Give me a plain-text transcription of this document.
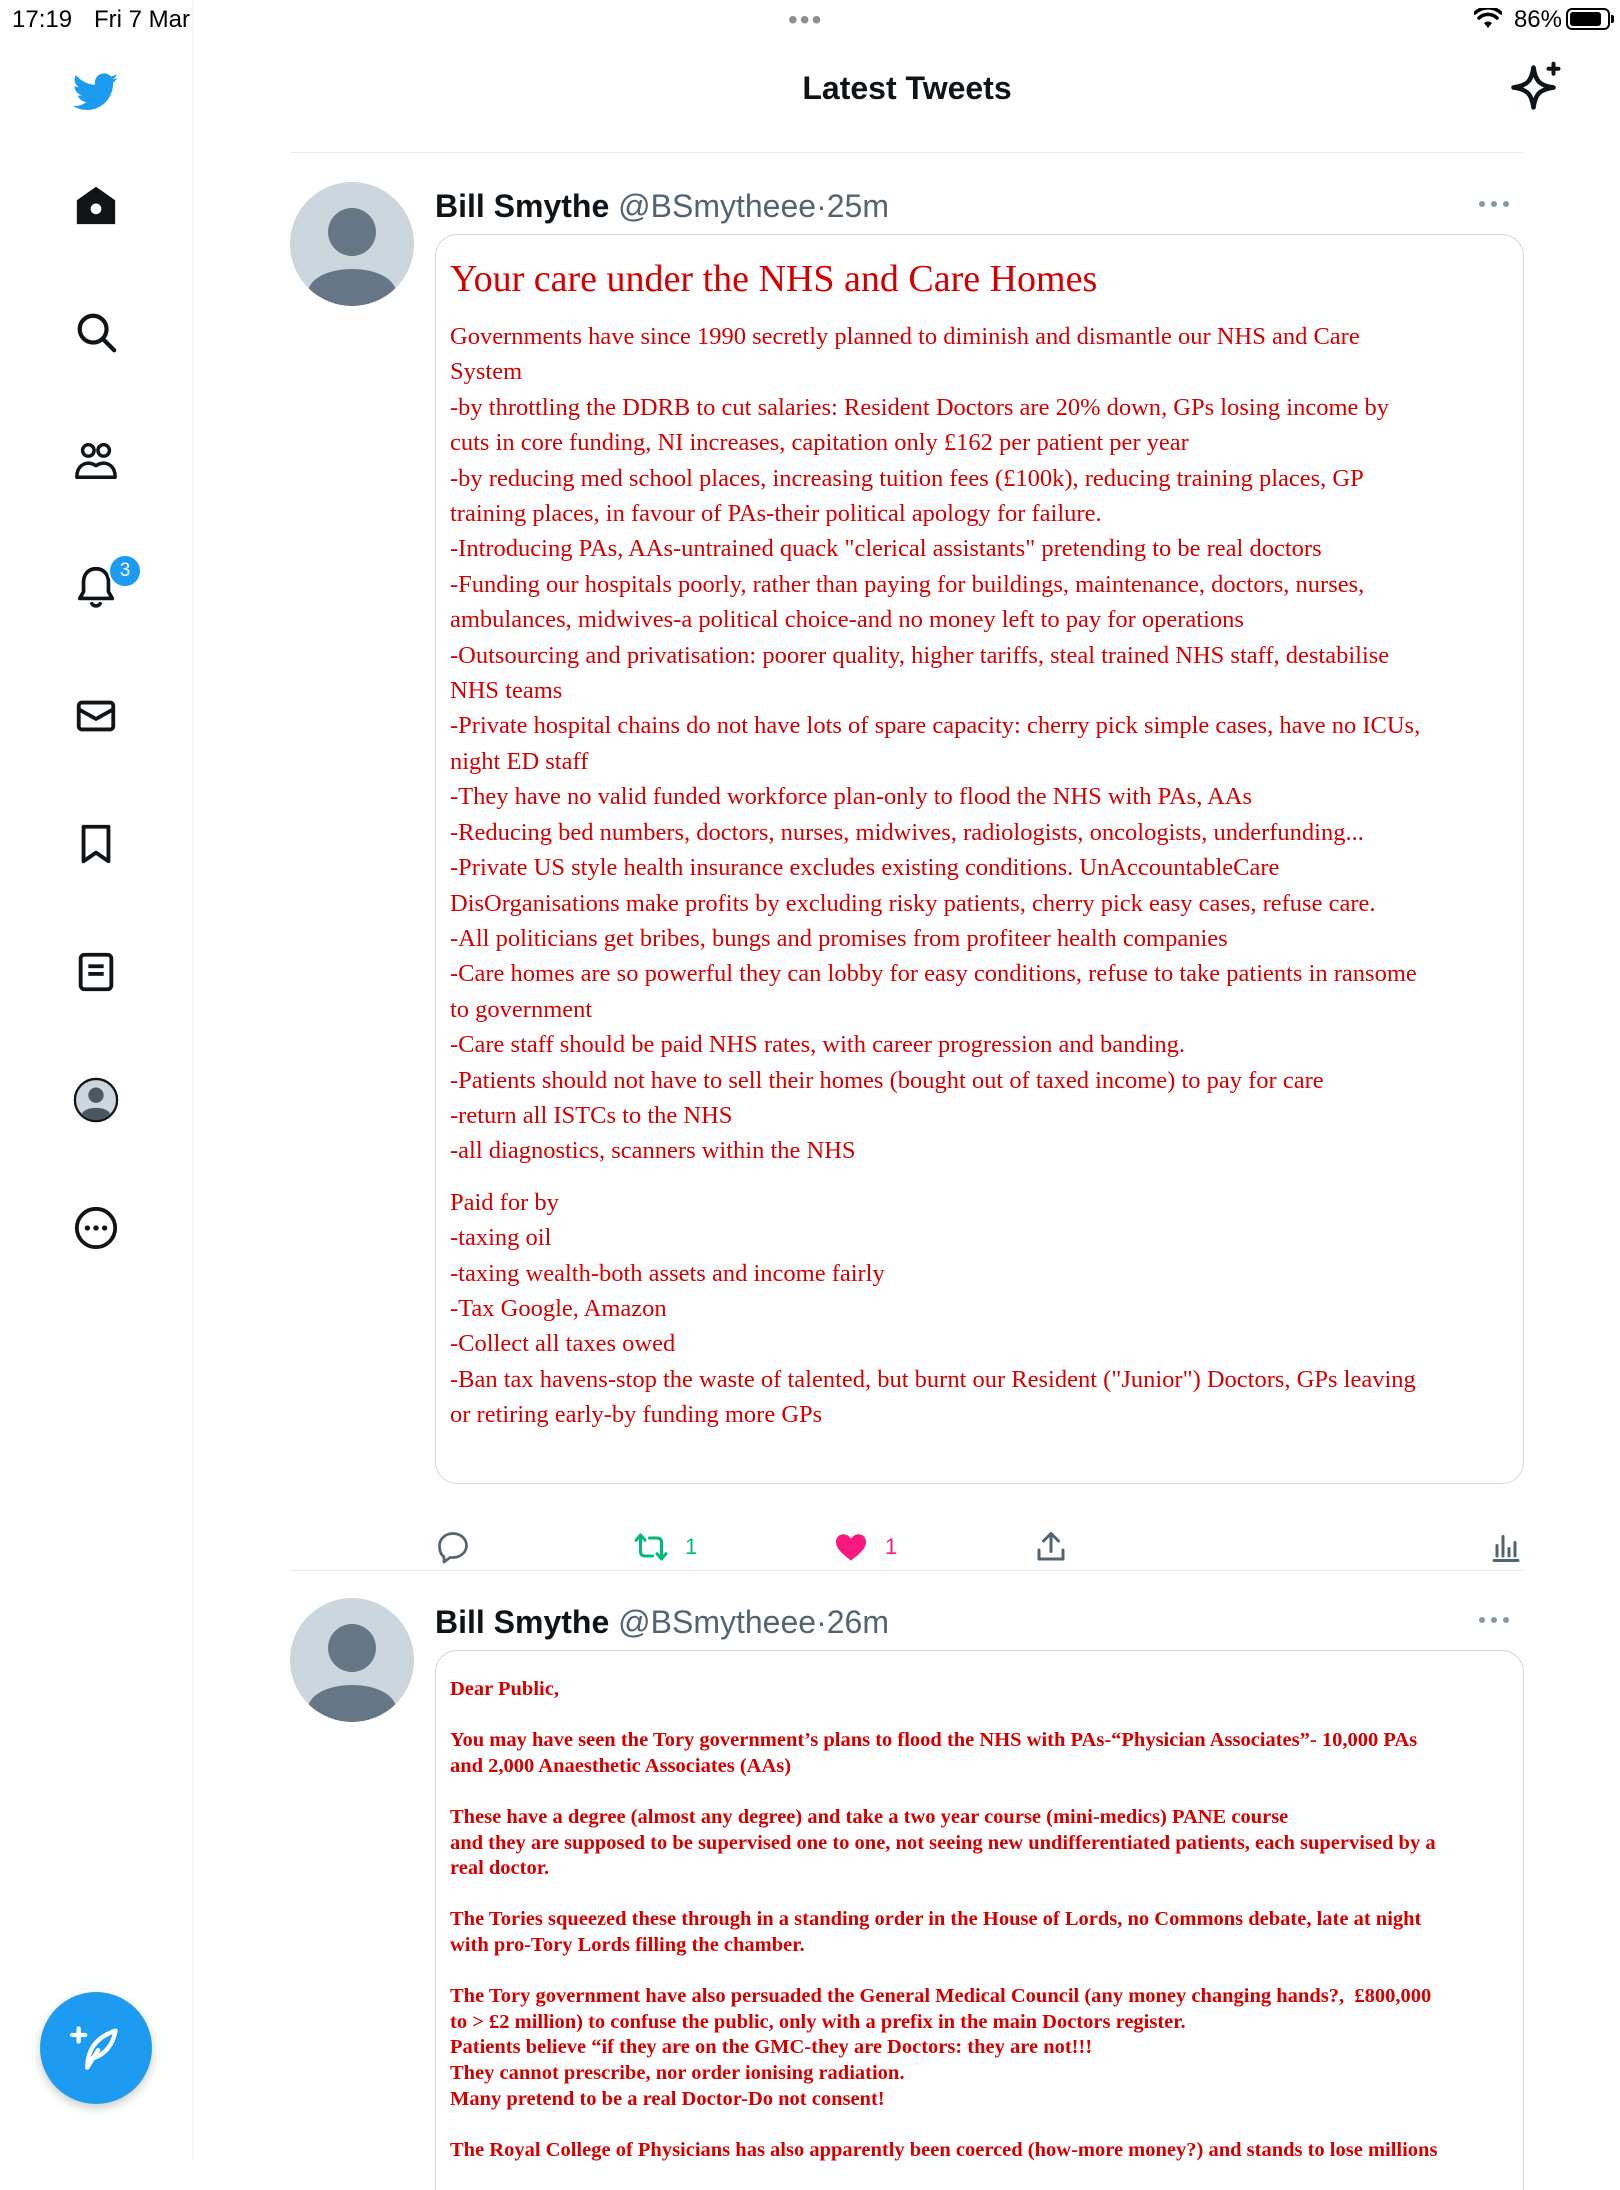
17:19 Fri 7 Mar	•••	86%
3
Latest Tweets
Bill Smythe @BSmytheee·25m
Your care under the NHS and Care Homes
Governments have since 1990 secretly planned to diminish and dismantle our NHS and Care
System
-by throttling the DDRB to cut salaries: Resident Doctors are 20% down, GPs losing income by
cuts in core funding, NI increases, capitation only £162 per patient per year
-by reducing med school places, increasing tuition fees (£100k), reducing training places, GP
training places, in favour of PAs-their political apology for failure.
-Introducing PAs, AAs-untrained quack "clerical assistants" pretending to be real doctors
-Funding our hospitals poorly, rather than paying for buildings, maintenance, doctors, nurses,
ambulances, midwives-a political choice-and no money left to pay for operations
-Outsourcing and privatisation: poorer quality, higher tariffs, steal trained NHS staff, destabilise
NHS teams
-Private hospital chains do not have lots of spare capacity: cherry pick simple cases, have no ICUs,
night ED staff
-They have no valid funded workforce plan-only to flood the NHS with PAs, AAs
-Reducing bed numbers, doctors, nurses, midwives, radiologists, oncologists, underfunding...
-Private US style health insurance excludes existing conditions. UnAccountableCare
DisOrganisations make profits by excluding risky patients, cherry pick easy cases, refuse care.
-All politicians get bribes, bungs and promises from profiteer health companies
-Care homes are so powerful they can lobby for easy conditions, refuse to take patients in ransome
to government
-Care staff should be paid NHS rates, with career progression and banding.
-Patients should not have to sell their homes (bought out of taxed income) to pay for care
-return all ISTCs to the NHS
-all diagnostics, scanners within the NHS
Paid for by
-taxing oil
-taxing wealth-both assets and income fairly
-Tax Google, Amazon
-Collect all taxes owed
-Ban tax havens-stop the waste of talented, but burnt our Resident ("Junior") Doctors, GPs leaving
or retiring early-by funding more GPs
1	1
Bill Smythe @BSmytheee·26m
Dear Public,

You may have seen the Tory government’s plans to flood the NHS with PAs-“Physician Associates”- 10,000 PAs
and 2,000 Anaesthetic Associates (AAs)

These have a degree (almost any degree) and take a two year course (mini-medics) PANE course
and they are supposed to be supervised one to one, not seeing new undifferentiated patients, each supervised by a
real doctor.

The Tories squeezed these through in a standing order in the House of Lords, no Commons debate, late at night
with pro-Tory Lords filling the chamber.

The Tory government have also persuaded the General Medical Council (any money changing hands?,  £800,000
to > £2 million) to confuse the public, only with a prefix in the main Doctors register.
Patients believe “if they are on the GMC-they are Doctors: they are not!!!
They cannot prescribe, nor order ionising radiation.
Many pretend to be a real Doctor-Do not consent!

The Royal College of Physicians has also apparently been coerced (how-more money?) and stands to lose millions
